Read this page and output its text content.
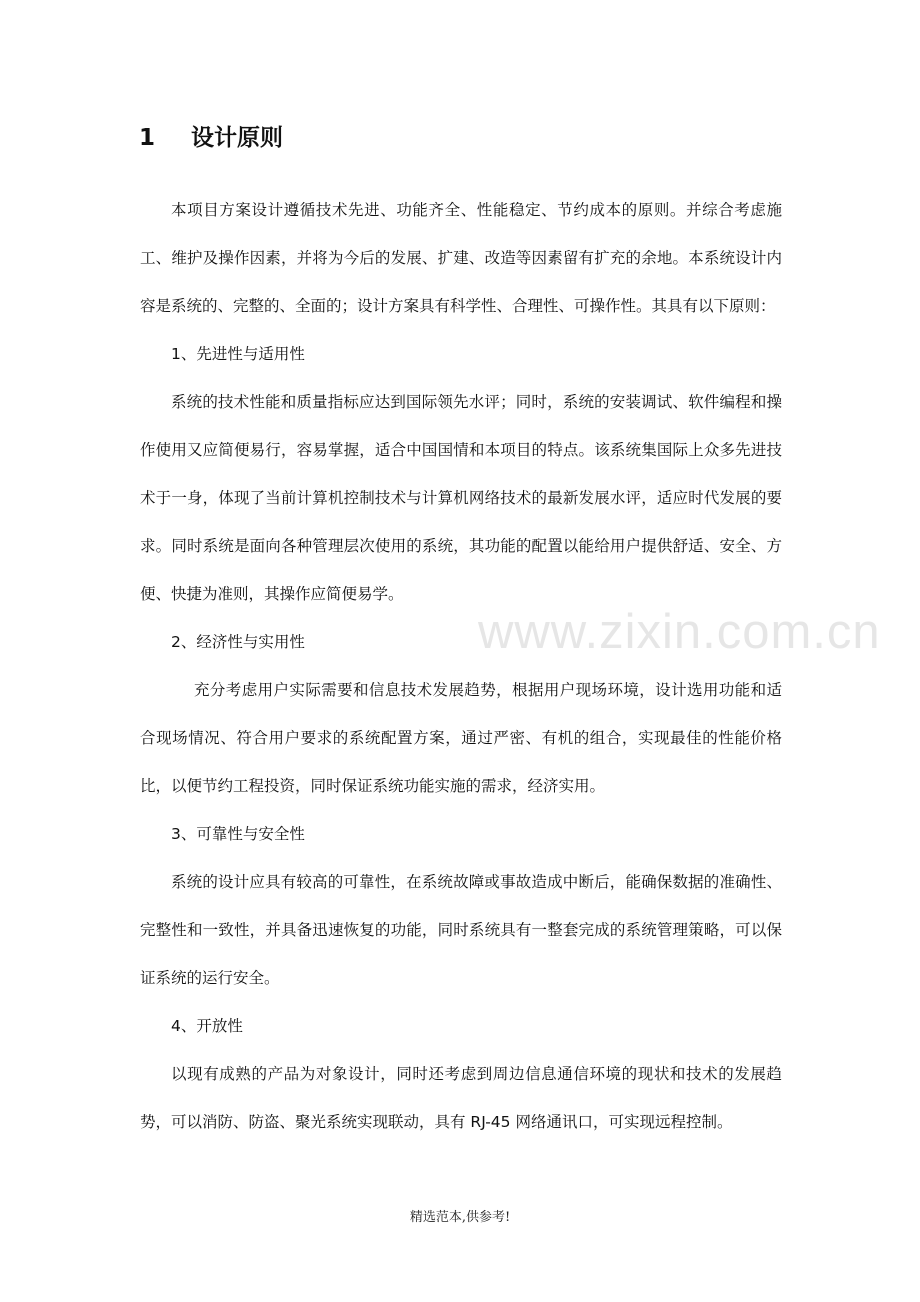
www.zixin.com.cn
1 设计原则

本项目方案设计遵循技术先进、功能齐全、性能稳定、节约成本的原则。并综合考虑施工、维护及操作因素，并将为今后的发展、扩建、改造等因素留有扩充的余地。本系统设计内容是系统的、完整的、全面的；设计方案具有科学性、合理性、可操作性。其具有以下原则：

1、先进性与适用性

系统的技术性能和质量指标应达到国际领先水评；同时，系统的安装调试、软件编程和操作使用又应简便易行，容易掌握，适合中国国情和本项目的特点。该系统集国际上众多先进技术于一身，体现了当前计算机控制技术与计算机网络技术的最新发展水评，适应时代发展的要求。同时系统是面向各种管理层次使用的系统，其功能的配置以能给用户提供舒适、安全、方便、快捷为准则，其操作应简便易学。

2、经济性与实用性

充分考虑用户实际需要和信息技术发展趋势，根据用户现场环境，设计选用功能和适合现场情况、符合用户要求的系统配置方案，通过严密、有机的组合，实现最佳的性能价格比，以便节约工程投资，同时保证系统功能实施的需求，经济实用。

3、可靠性与安全性

系统的设计应具有较高的可靠性，在系统故障或事故造成中断后，能确保数据的准确性、完整性和一致性，并具备迅速恢复的功能，同时系统具有一整套完成的系统管理策略，可以保证系统的运行安全。

4、开放性

以现有成熟的产品为对象设计，同时还考虑到周边信息通信环境的现状和技术的发展趋势，可以消防、防盗、聚光系统实现联动，具有 RJ-45 网络通讯口，可实现远程控制。

精选范本,供参考!
